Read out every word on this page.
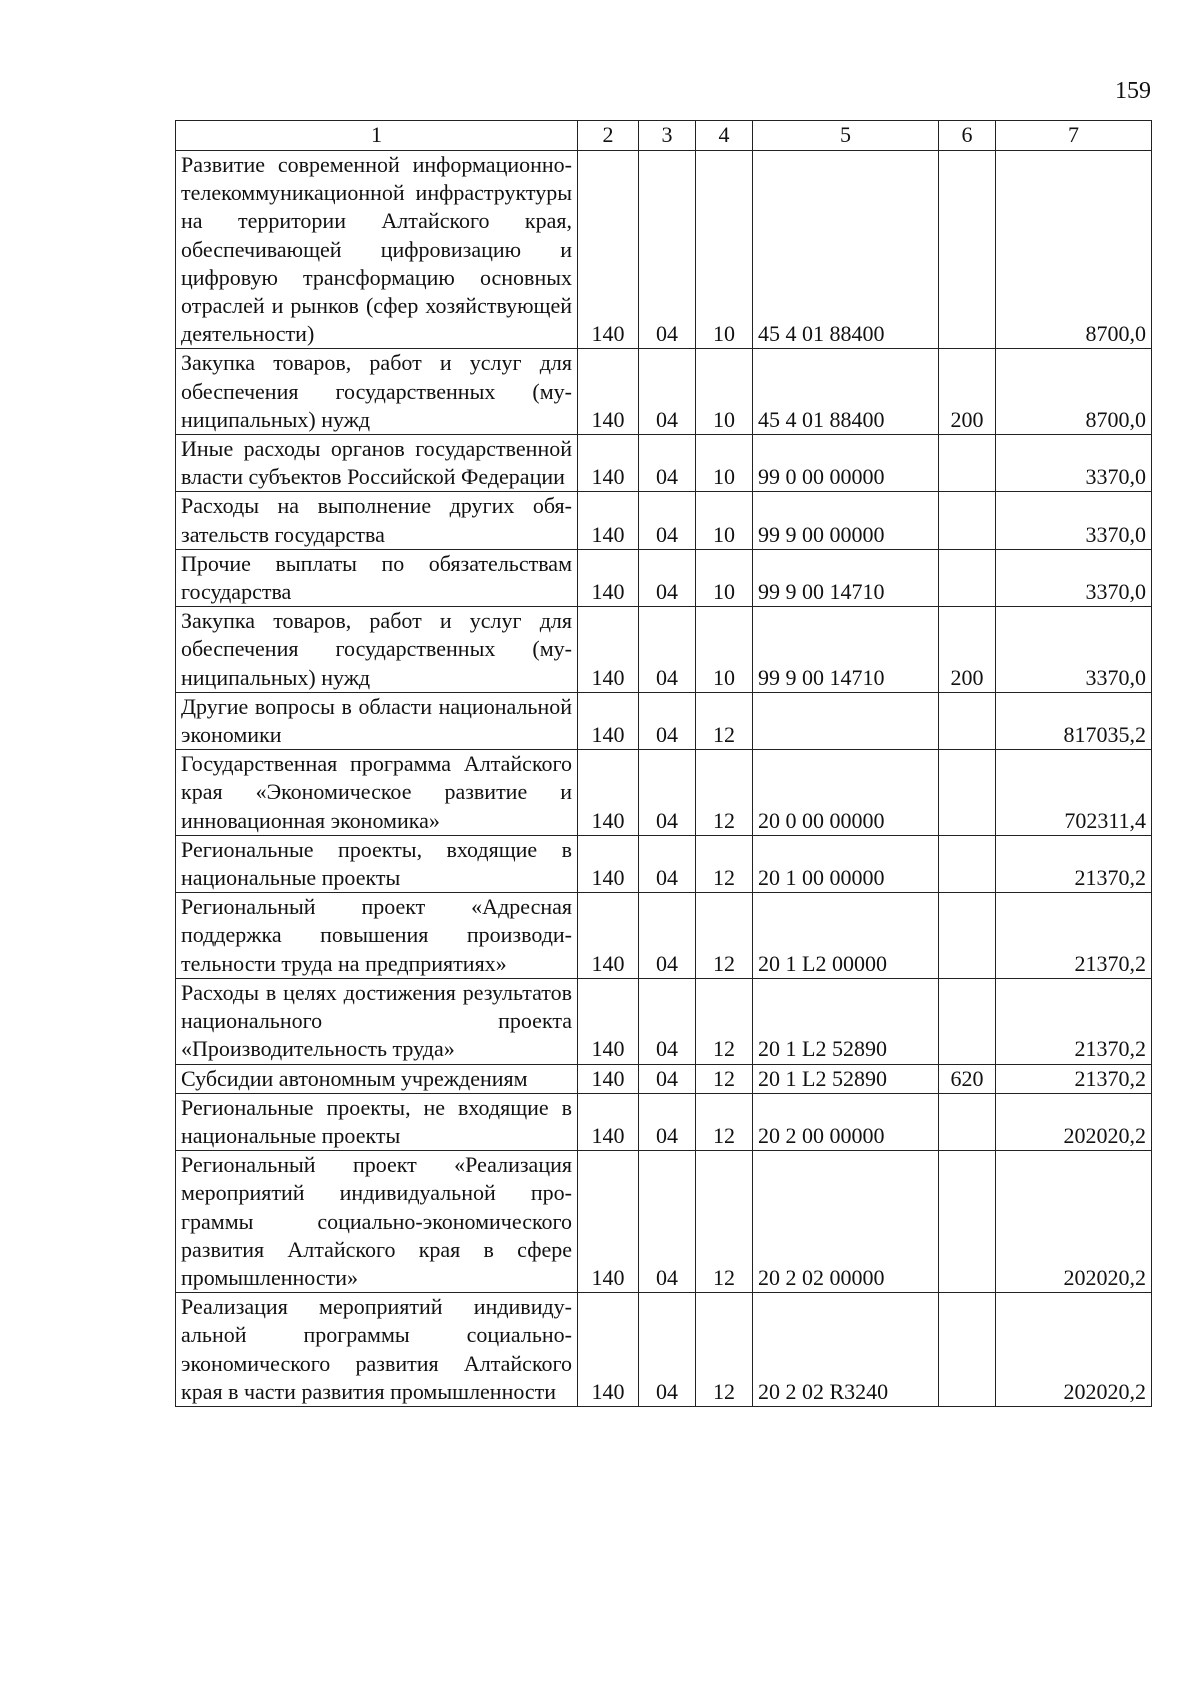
159
1	2	3	4	5	6	7
Развитие современной информационно-телекоммуникационной инфраструктуры на территории Алтайского края, обеспечивающей цифровизацию и цифровую трансформацию основных отраслей и рынков (сфер хозяйствующей деятельности)	140	04	10	45 4 01 88400		8700,0
Закупка товаров, работ и услуг для обеспечения государственных (муниципальных) нужд	140	04	10	45 4 01 88400	200	8700,0
Иные расходы органов государственной власти субъектов Российской Федерации	140	04	10	99 0 00 00000		3370,0
Расходы на выполнение других обязательств государства	140	04	10	99 9 00 00000		3370,0
Прочие выплаты по обязательствам государства	140	04	10	99 9 00 14710		3370,0
Закупка товаров, работ и услуг для обеспечения государственных (муниципальных) нужд	140	04	10	99 9 00 14710	200	3370,0
Другие вопросы в области национальной экономики	140	04	12			817035,2
Государственная программа Алтайского края «Экономическое развитие и инновационная экономика»	140	04	12	20 0 00 00000		702311,4
Региональные проекты, входящие в национальные проекты	140	04	12	20 1 00 00000		21370,2
Региональный проект «Адресная поддержка повышения производительности труда на предприятиях»	140	04	12	20 1 L2 00000		21370,2
Расходы в целях достижения результатов национального проекта «Производительность труда»	140	04	12	20 1 L2 52890		21370,2
Субсидии автономным учреждениям	140	04	12	20 1 L2 52890	620	21370,2
Региональные проекты, не входящие в национальные проекты	140	04	12	20 2 00 00000		202020,2
Региональный проект «Реализация мероприятий индивидуальной программы социально-экономического развития Алтайского края в сфере промышленности»	140	04	12	20 2 02 00000		202020,2
Реализация мероприятий индивидуальной программы социально-экономического развития Алтайского края в части развития промышленности	140	04	12	20 2 02 R3240		202020,2
